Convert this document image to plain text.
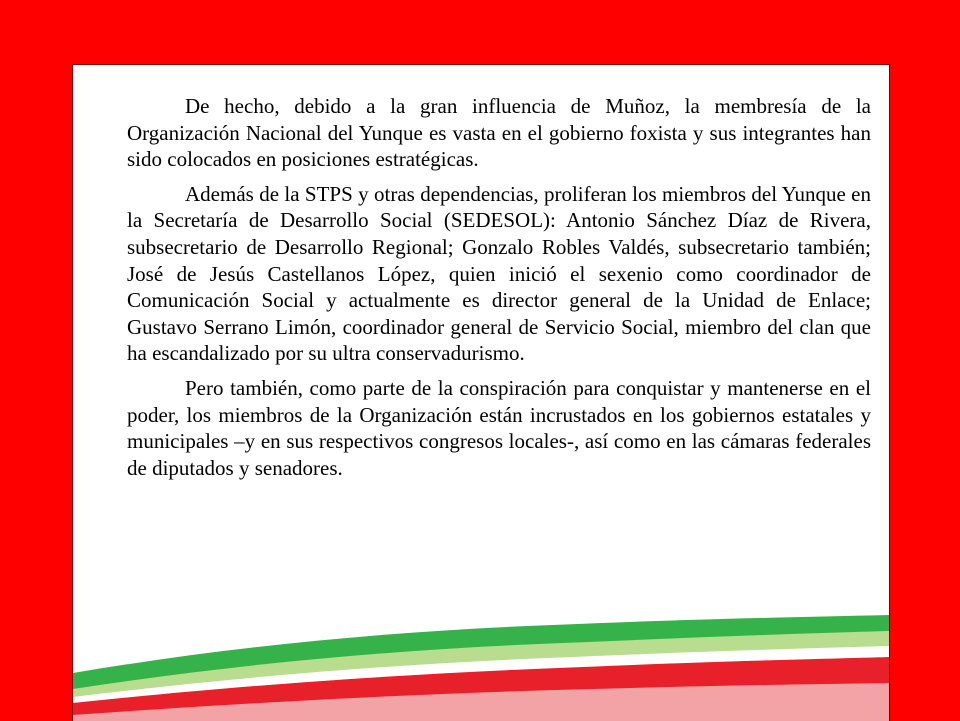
De hecho, debido a la gran influencia de Muñoz, la membresía de la Organización Nacional del Yunque es vasta en el gobierno foxista y sus integrantes han sido colocados en posiciones estratégicas.

Además de la STPS y otras dependencias, proliferan los miembros del Yunque en la Secretaría de Desarrollo Social (SEDESOL): Antonio Sánchez Díaz de Rivera, subsecretario de Desarrollo Regional; Gonzalo Robles Valdés, subsecretario también; José de Jesús Castellanos López, quien inició el sexenio como coordinador de Comunicación Social y actualmente es director general de la Unidad de Enlace; Gustavo Serrano Limón, coordinador general de Servicio Social, miembro del clan que ha escandalizado por su ultra conservadurismo.

Pero también, como parte de la conspiración para conquistar y mantenerse en el poder, los miembros de la Organización están incrustados en los gobiernos estatales y municipales –y en sus respectivos congresos locales-, así como en las cámaras federales de diputados y senadores.
